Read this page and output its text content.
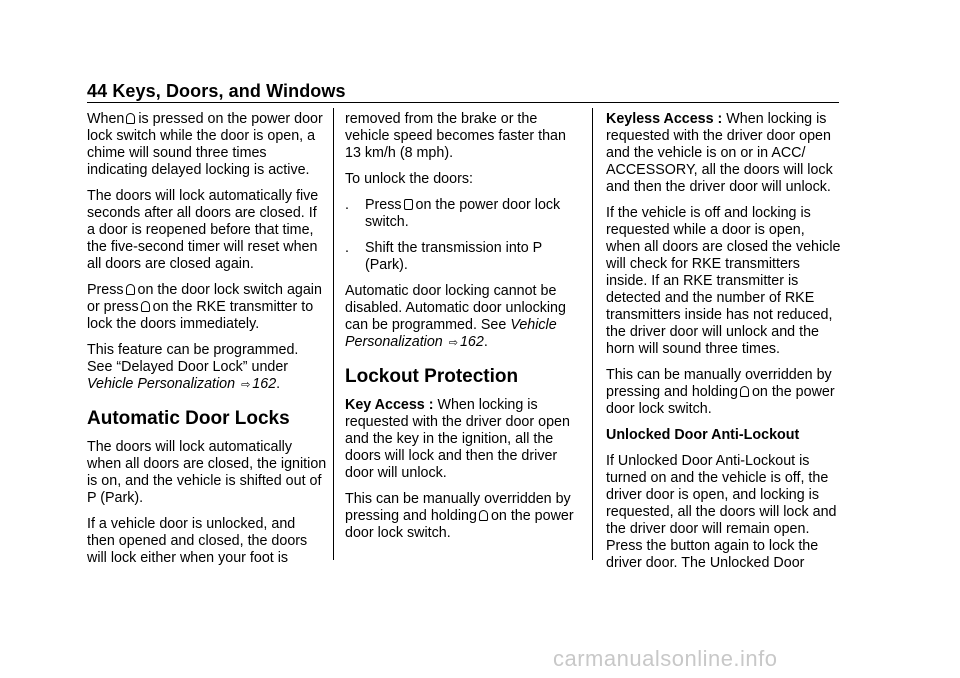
44 Keys, Doors, and Windows

When is pressed on the power door lock switch while the door is open, a chime will sound three times indicating delayed locking is active.

The doors will lock automatically five seconds after all doors are closed. If a door is reopened before that time, the five-second timer will reset when all doors are closed again.

Press on the door lock switch again or press on the RKE transmitter to lock the doors immediately.

This feature can be programmed. See “Delayed Door Lock” under Vehicle Personalization ⇨ 162.

Automatic Door Locks

The doors will lock automatically when all doors are closed, the ignition is on, and the vehicle is shifted out of P (Park).

If a vehicle door is unlocked, and then opened and closed, the doors will lock either when your foot is

removed from the brake or the vehicle speed becomes faster than 13 km/h (8 mph).

To unlock the doors:

.	Press on the power door lock switch.
.	Shift the transmission into P (Park).

Automatic door locking cannot be disabled. Automatic door unlocking can be programmed. See Vehicle Personalization ⇨ 162.

Lockout Protection

Key Access : When locking is requested with the driver door open and the key in the ignition, all the doors will lock and then the driver door will unlock.

This can be manually overridden by pressing and holding on the power door lock switch.

Keyless Access : When locking is requested with the driver door open and the vehicle is on or in ACC/ ACCESSORY, all the doors will lock and then the driver door will unlock.

If the vehicle is off and locking is requested while a door is open, when all doors are closed the vehicle will check for RKE transmitters inside. If an RKE transmitter is detected and the number of RKE transmitters inside has not reduced, the driver door will unlock and the horn will sound three times.

This can be manually overridden by pressing and holding on the power door lock switch.

Unlocked Door Anti-Lockout

If Unlocked Door Anti-Lockout is turned on and the vehicle is off, the driver door is open, and locking is requested, all the doors will lock and the driver door will remain open. Press the button again to lock the driver door. The Unlocked Door

carmanualsonline.info
